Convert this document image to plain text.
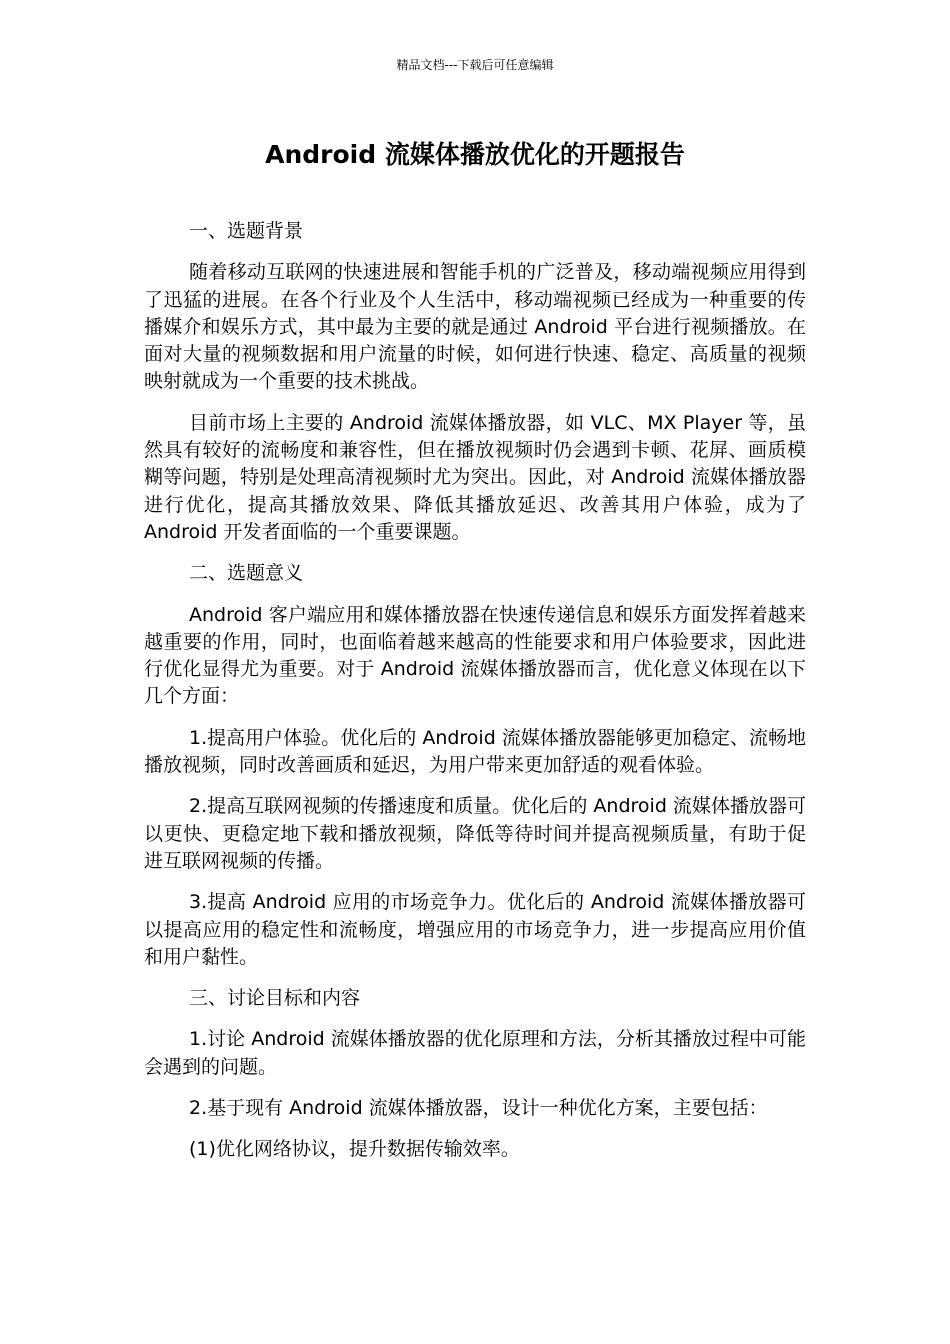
精品文档---下载后可任意编辑
Android 流媒体播放优化的开题报告

一、选题背景

随着移动互联网的快速进展和智能手机的广泛普及，移动端视频应用得到了迅猛的进展。在各个行业及个人生活中，移动端视频已经成为一种重要的传播媒介和娱乐方式，其中最为主要的就是通过 Android 平台进行视频播放。在面对大量的视频数据和用户流量的时候，如何进行快速、稳定、高质量的视频映射就成为一个重要的技术挑战。

目前市场上主要的 Android 流媒体播放器，如 VLC、MX Player 等，虽然具有较好的流畅度和兼容性，但在播放视频时仍会遇到卡顿、花屏、画质模糊等问题，特别是处理高清视频时尤为突出。因此，对 Android 流媒体播放器进行优化，提高其播放效果、降低其播放延迟、改善其用户体验，成为了 Android 开发者面临的一个重要课题。

二、选题意义

Android 客户端应用和媒体播放器在快速传递信息和娱乐方面发挥着越来越重要的作用，同时，也面临着越来越高的性能要求和用户体验要求，因此进行优化显得尤为重要。对于 Android 流媒体播放器而言，优化意义体现在以下几个方面：

1.提高用户体验。优化后的 Android 流媒体播放器能够更加稳定、流畅地播放视频，同时改善画质和延迟，为用户带来更加舒适的观看体验。

2.提高互联网视频的传播速度和质量。优化后的 Android 流媒体播放器可以更快、更稳定地下载和播放视频，降低等待时间并提高视频质量，有助于促进互联网视频的传播。

3.提高 Android 应用的市场竞争力。优化后的 Android 流媒体播放器可以提高应用的稳定性和流畅度，增强应用的市场竞争力，进一步提高应用价值和用户黏性。

三、讨论目标和内容

1.讨论 Android 流媒体播放器的优化原理和方法，分析其播放过程中可能会遇到的问题。

2.基于现有 Android 流媒体播放器，设计一种优化方案，主要包括：

(1)优化网络协议，提升数据传输效率。
